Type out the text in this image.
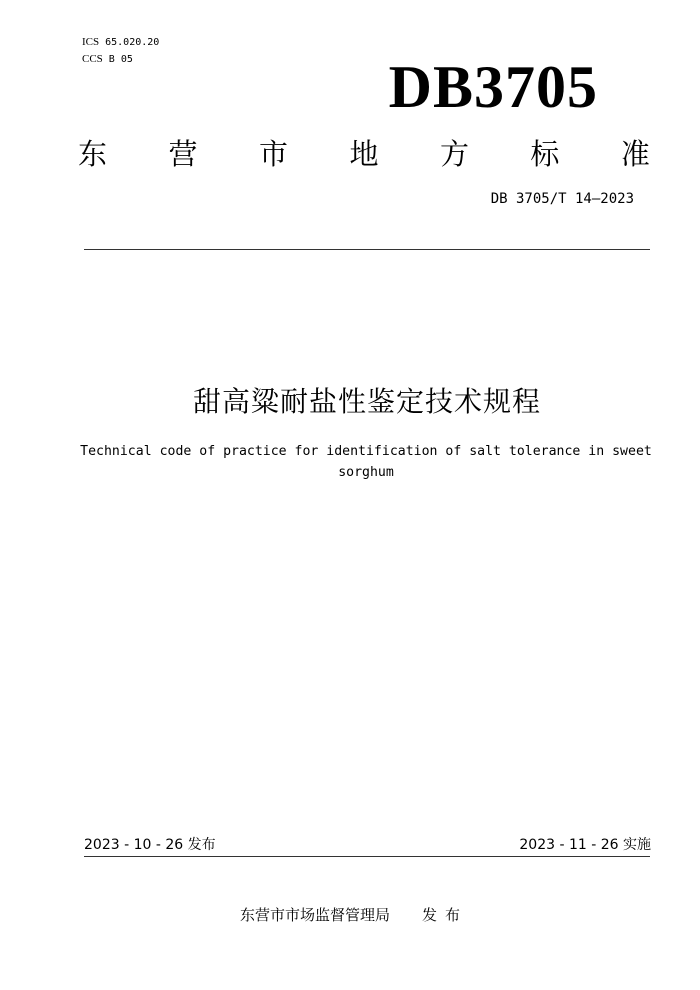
ICS 65.020.20
CCS B 05	DB3705
东 营 市 地 方 标 准
DB 3705/T 14—2023
甜高粱耐盐性鉴定技术规程
Technical code of practice for identification of salt tolerance in sweet sorghum
2023 - 10 - 26 发布	2023 - 11 - 26 实施
东营市市场监督管理局 发布
